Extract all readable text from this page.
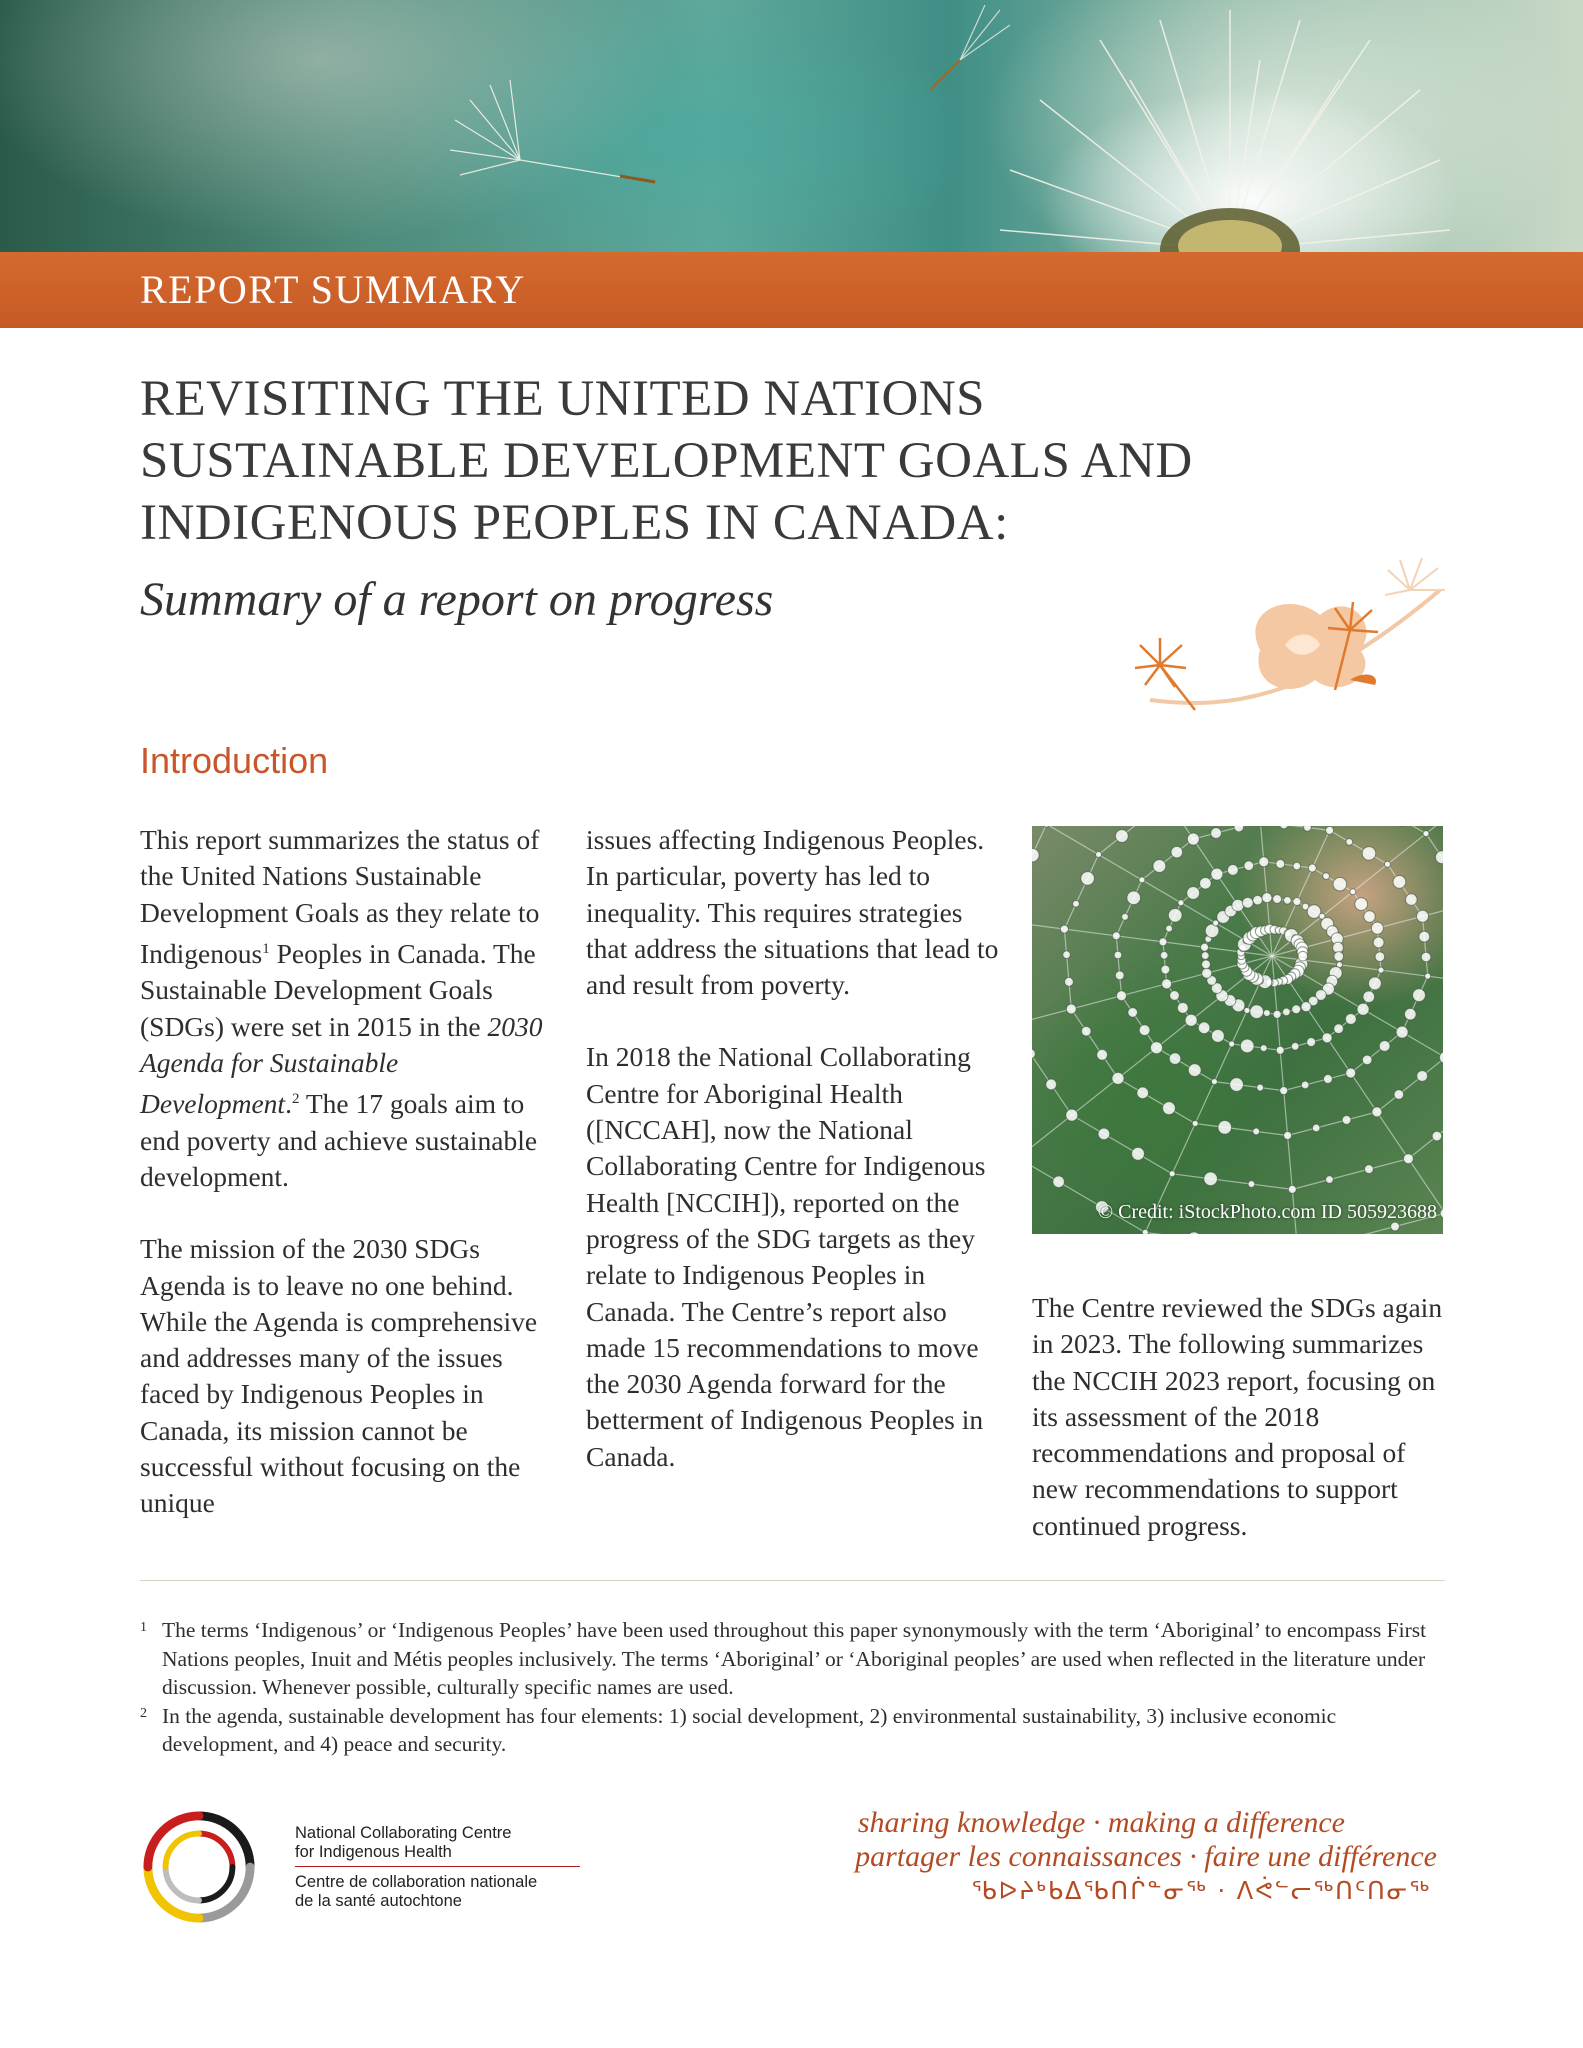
REPORT SUMMARY
REVISITING THE UNITED NATIONS
SUSTAINABLE DEVELOPMENT GOALS AND
INDIGENOUS PEOPLES IN CANADA:
Summary of a report on progress
Introduction

This report summarizes the status of the United Nations Sustainable Development Goals as they relate to Indigenous$^1$ Peoples in Canada. The Sustainable Development Goals (SDGs) were set in 2015 in the 2030 Agenda for Sustainable Development.$^2$ The 17 goals aim to end poverty and achieve sustainable development.

The mission of the 2030 SDGs Agenda is to leave no one behind. While the Agenda is comprehensive and addresses many of the issues faced by Indigenous Peoples in Canada, its mission cannot be successful without focusing on the unique

issues affecting Indigenous Peoples. In particular, poverty has led to inequality. This requires strategies that address the situations that lead to and result from poverty.

In 2018 the National Collaborating Centre for Aboriginal Health ([NCCAH], now the National Collaborating Centre for Indigenous Health [NCCIH]), reported on the progress of the SDG targets as they relate to Indigenous Peoples in Canada. The Centre’s report also made 15 recommendations to move the 2030 Agenda forward for the betterment of Indigenous Peoples in Canada.

© Credit: iStockPhoto.com ID 505923688

The Centre reviewed the SDGs again in 2023. The following summarizes the NCCIH 2023 report, focusing on its assessment of the 2018 recommendations and proposal of new recommendations to support continued progress.

1 The terms ‘Indigenous’ or ‘Indigenous Peoples’ have been used throughout this paper synonymously with the term ‘Aboriginal’ to encompass First Nations peoples, Inuit and Métis peoples inclusively. The terms ‘Aboriginal’ or ‘Aboriginal peoples’ are used when reflected in the literature under discussion. Whenever possible, culturally specific names are used.

2 In the agenda, sustainable development has four elements: 1) social development, 2) environmental sustainability, 3) inclusive economic development, and 4) peace and security.

National Collaborating Centre
for Indigenous Health
Centre de collaboration nationale
de la santé autochtone
sharing knowledge · making a difference
partager les connaissances · faire une différence
ᖃᐅᔨᒃᑲᐃᖃᑎᒌᓐᓂᖅ · ᐱᕚᓪᓕᖅᑎᑦᑎᓂᖅ
